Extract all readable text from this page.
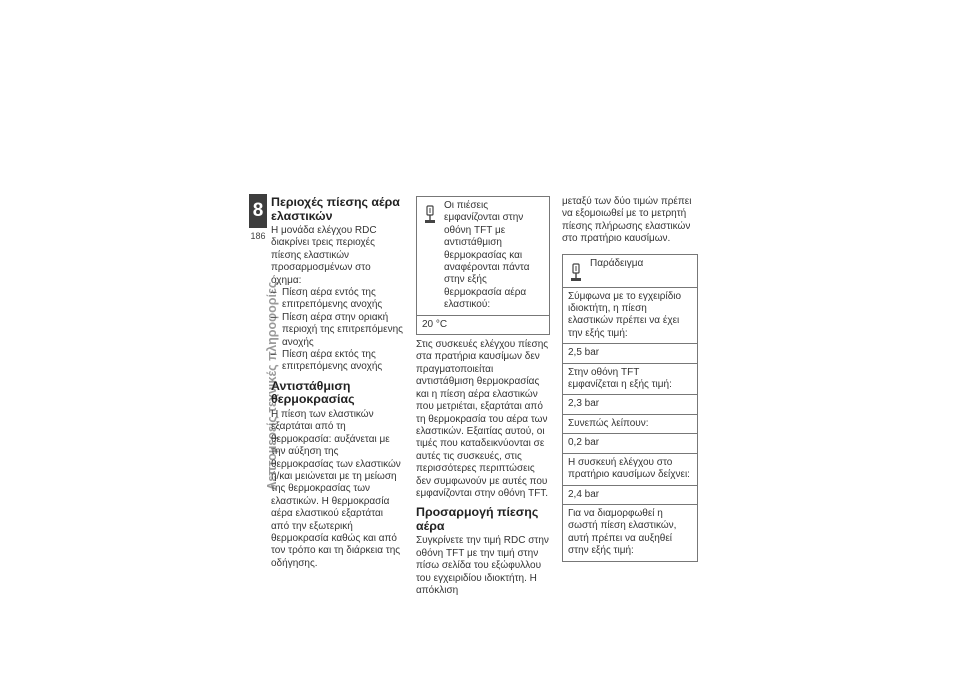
8
186
Λεπτομερείς τεχνικές πληροφορίες
Περιοχές πίεσης αέρα ελαστικών

Η μονάδα ελέγχου RDC διακρίνει τρεις περιοχές πίεσης ελαστικών προσαρμοσμένων στο όχημα:

– Πίεση αέρα εντός της επιτρεπόμενης ανοχής
– Πίεση αέρα στην οριακή περιοχή της επιτρεπόμενης ανοχής
– Πίεση αέρα εκτός της επιτρεπόμενης ανοχής
Αντιστάθμιση θερμοκρασίας

Η πίεση των ελαστικών εξαρτάται από τη θερμοκρασία: αυξάνεται με την αύξηση της θερμοκρασίας των ελαστικών ή/και μειώνεται με τη μείωση της θερμοκρασίας των ελαστικών. Η θερμοκρασία αέρα ελαστικού εξαρτάται από την εξωτερική θερμοκρασία καθώς και από τον τρόπο και τη διάρκεια της οδήγησης.

Οι πιέσεις εμφανίζονται στην οθόνη TFT με αντιστάθμιση θερμοκρασίας και αναφέρονται πάντα στην εξής θερμοκρασία αέρα ελαστικού:

20 °C

Στις συσκευές ελέγχου πίεσης στα πρατήρια καυσίμων δεν πραγματοποιείται αντιστάθμιση θερμοκρασίας και η πίεση αέρα ελαστικών που μετριέται, εξαρτάται από τη θερμοκρασία του αέρα των ελαστικών. Εξαιτίας αυτού, οι τιμές που καταδεικνύονται σε αυτές τις συσκευές, στις περισσότερες περιπτώσεις δεν συμφωνούν με αυτές που εμφανίζονται στην οθόνη TFT.

Προσαρμογή πίεσης αέρα

Συγκρίνετε την τιμή RDC στην οθόνη TFT με την τιμή στην πίσω σελίδα του εξώφυλλου του εγχειριδίου ιδιοκτήτη. Η απόκλιση

μεταξύ των δύο τιμών πρέπει να εξομοιωθεί με το μετρητή πίεσης πλήρωσης ελαστικών στο πρατήριο καυσίμων.

Παράδειγμα

Σύμφωνα με το εγχειρίδιο ιδιοκτήτη, η πίεση ελαστικών πρέπει να έχει την εξής τιμή:
2,5 bar
Στην οθόνη TFT εμφανίζεται η εξής τιμή:
2,3 bar
Συνεπώς λείπουν:
0,2 bar
Η συσκευή ελέγχου στο πρατήριο καυσίμων δείχνει:
2,4 bar
Για να διαμορφωθεί η σωστή πίεση ελαστικών, αυτή πρέπει να αυξηθεί στην εξής τιμή:
